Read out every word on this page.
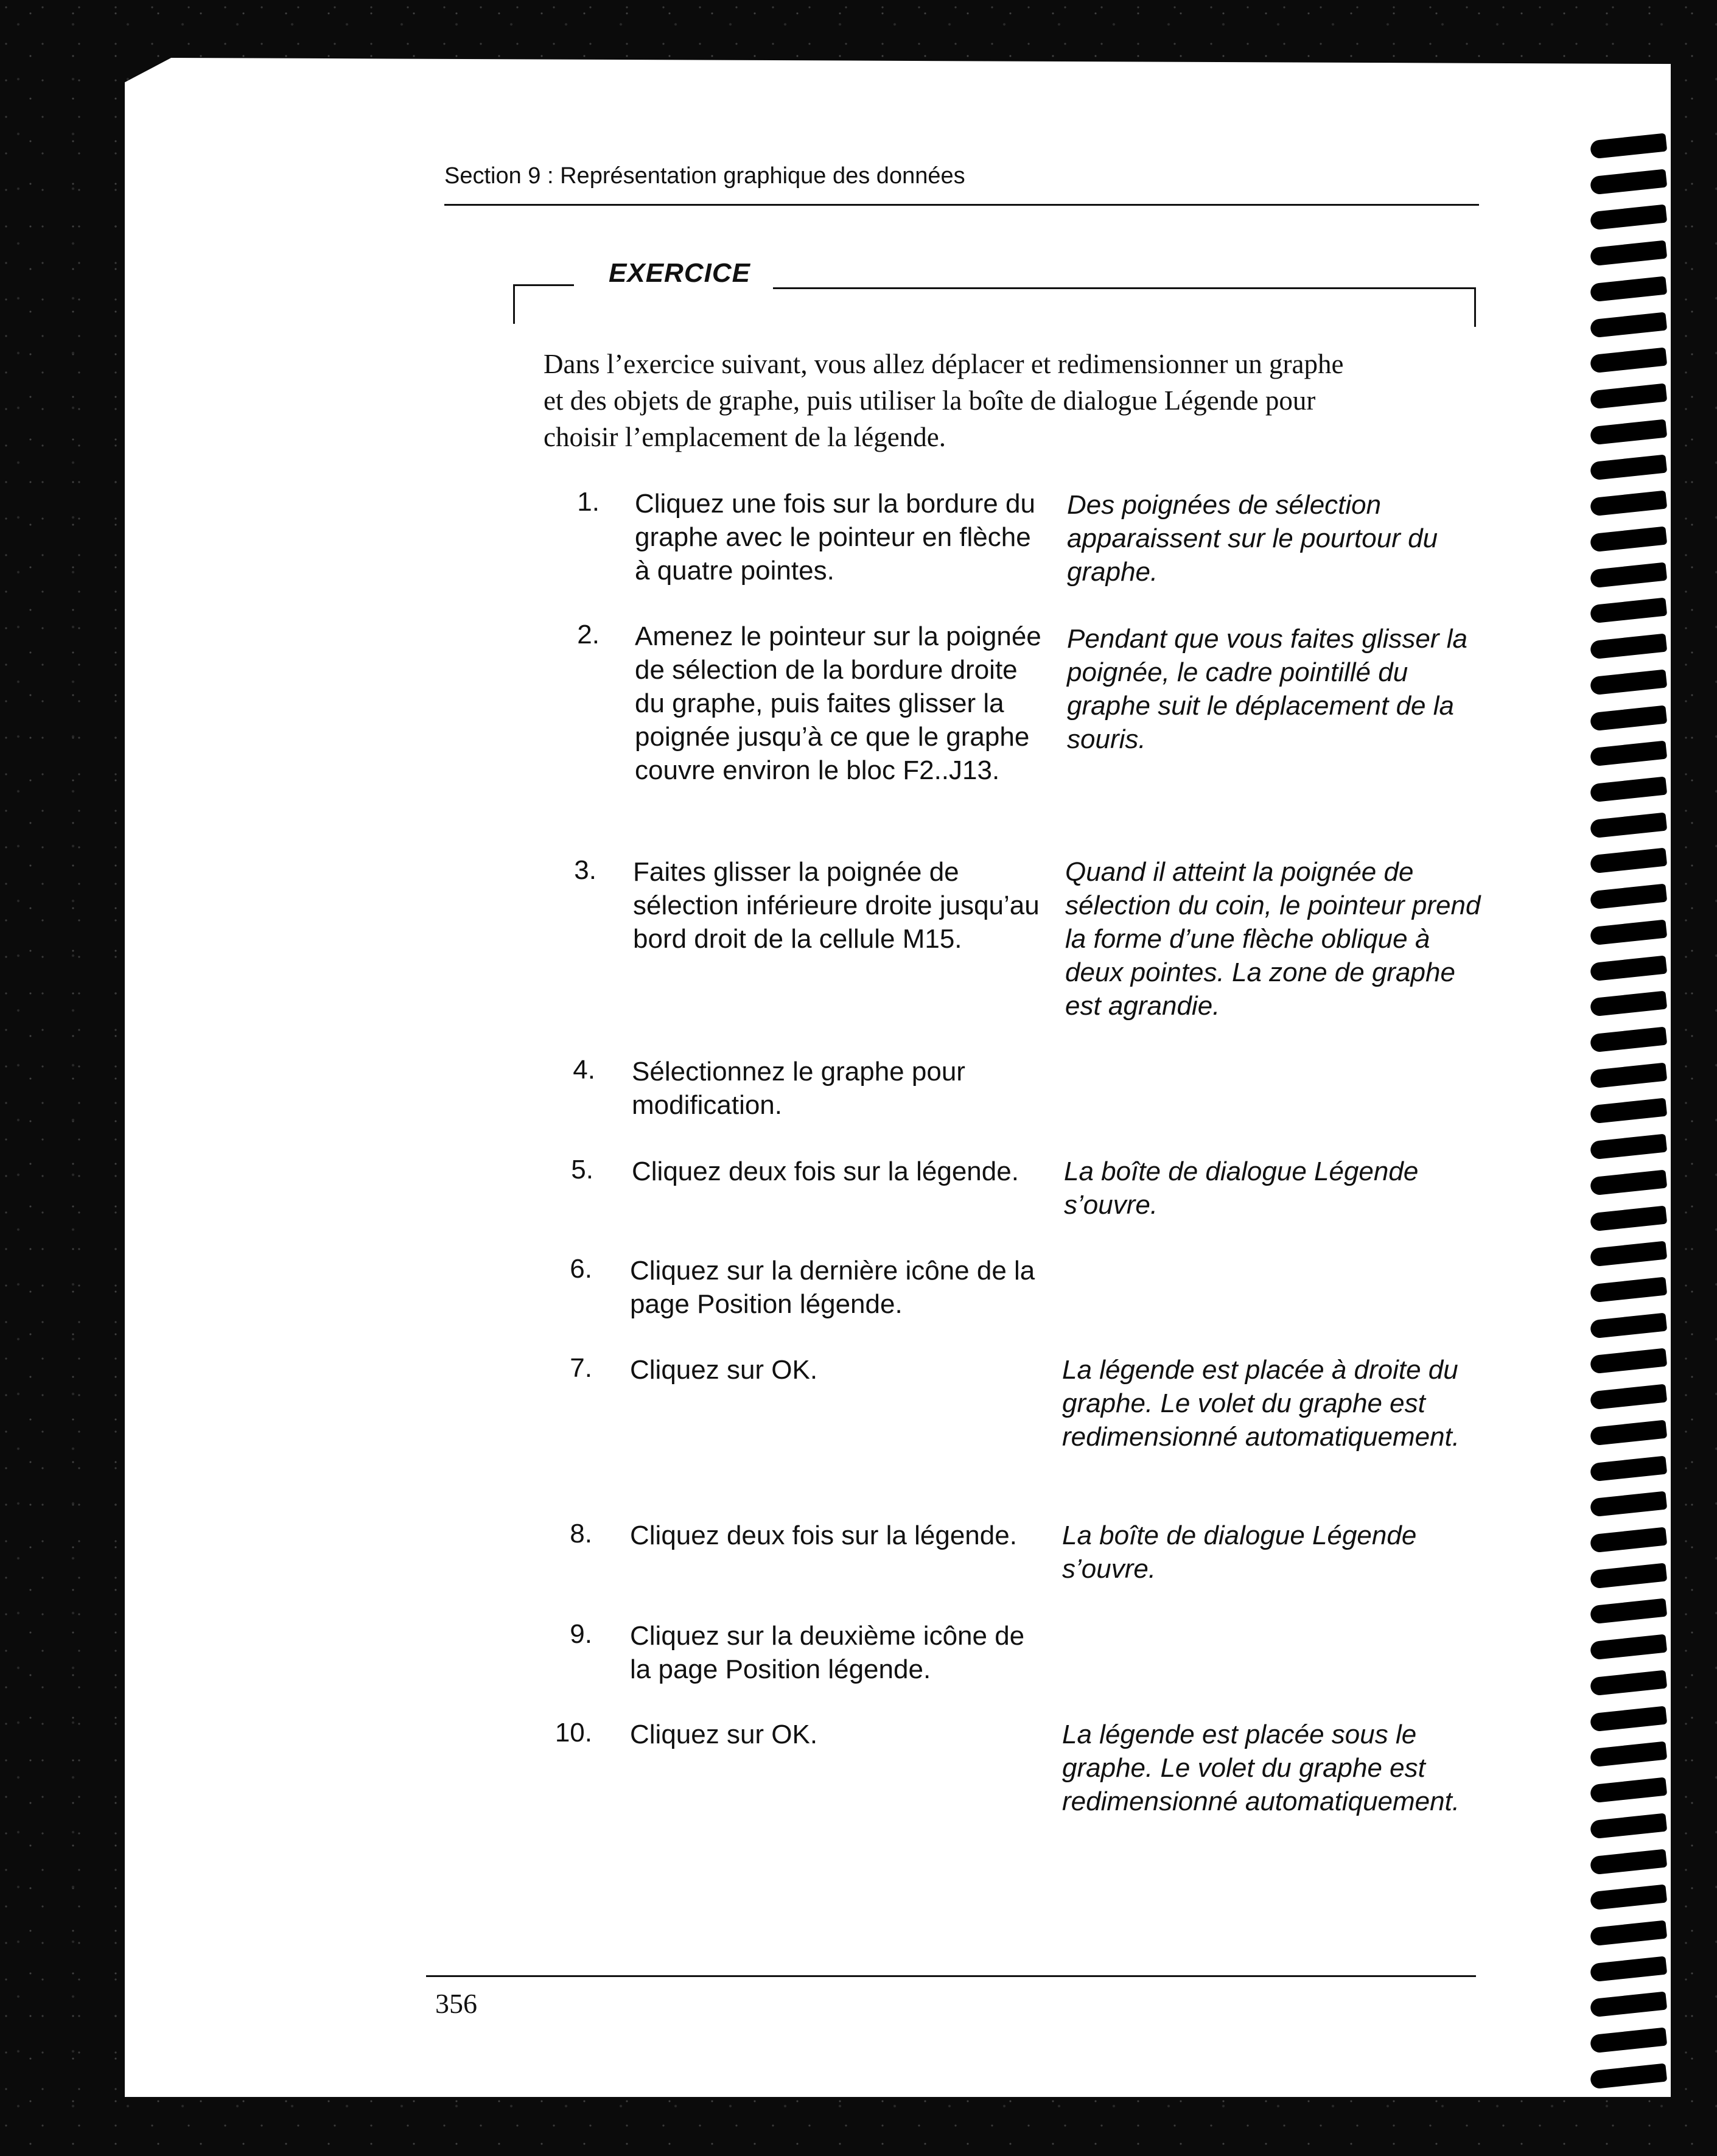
Section 9 : Représentation graphique des données
EXERCICE
Dans l’exercice suivant, vous allez déplacer et redimensionner un graphe
et des objets de graphe, puis utiliser la boîte de dialogue Légende pour
choisir l’emplacement de la légende.
1. Cliquez une fois sur la bordure du graphe avec le pointeur en flèche à quatre pointes.
Des poignées de sélection apparaissent sur le pourtour du graphe.
2. Amenez le pointeur sur la poignée de sélection de la bordure droite du graphe, puis faites glisser la poignée jusqu’à ce que le graphe couvre environ le bloc F2..J13.
Pendant que vous faites glisser la poignée, le cadre pointillé du graphe suit le déplacement de la souris.
3. Faites glisser la poignée de sélection inférieure droite jusqu’au bord droit de la cellule M15.
Quand il atteint la poignée de sélection du coin, le pointeur prend la forme d’une flèche oblique à deux pointes. La zone de graphe est agrandie.
4. Sélectionnez le graphe pour modification.
5. Cliquez deux fois sur la légende.	La boîte de dialogue Légende s’ouvre.
6. Cliquez sur la dernière icône de la page Position légende.
7. Cliquez sur OK.	La légende est placée à droite du graphe. Le volet du graphe est redimensionné automatiquement.
8. Cliquez deux fois sur la légende.	La boîte de dialogue Légende s’ouvre.
9. Cliquez sur la deuxième icône de la page Position légende.
10. Cliquez sur OK.	La légende est placée sous le graphe. Le volet du graphe est redimensionné automatiquement.
356
